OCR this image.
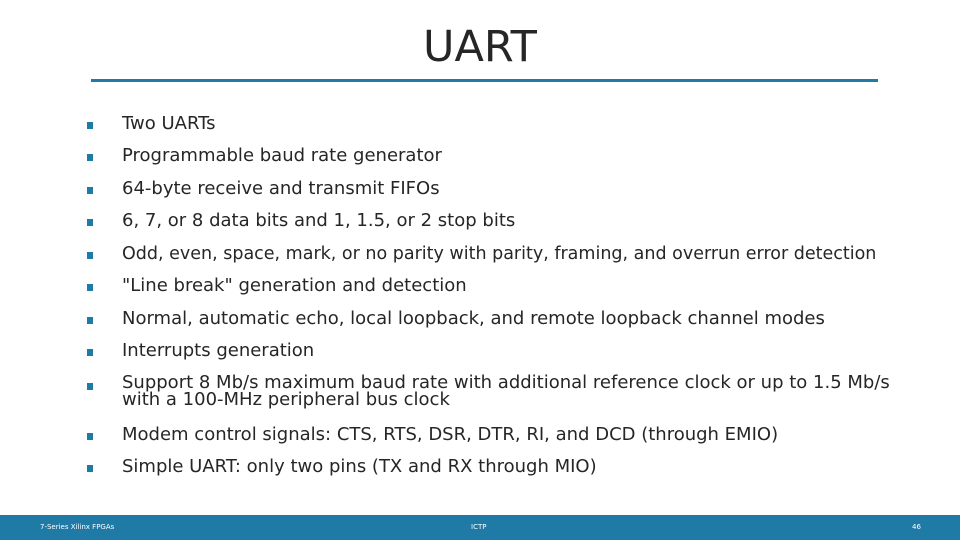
UART
Two UARTs
Programmable baud rate generator
64-byte receive and transmit FIFOs
6, 7, or 8 data bits and 1, 1.5, or 2 stop bits
Odd, even, space, mark, or no parity with parity, framing, and overrun error detection
"Line break" generation and detection
Normal, automatic echo, local loopback, and remote loopback channel modes
Interrupts generation
Support 8 Mb/s maximum baud rate with additional reference clock or up to 1.5 Mb/s with a 100-MHz peripheral bus clock
Modem control signals: CTS, RTS, DSR, DTR, RI, and DCD (through EMIO)
Simple UART: only two pins (TX and RX through MIO)
7-Series Xilinx FPGAs	ICTP	46
